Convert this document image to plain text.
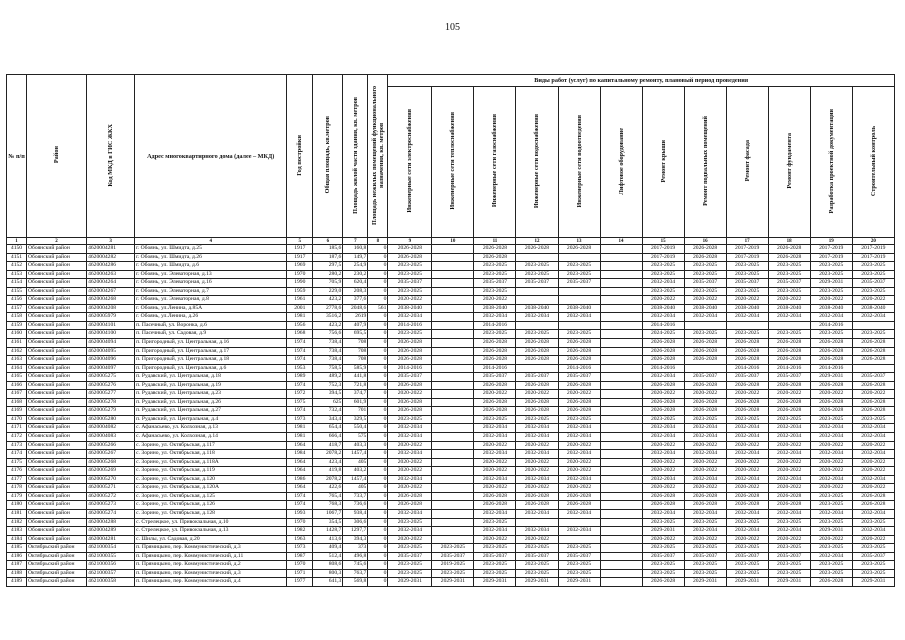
105
№ п/п	Район	Код МКД в ГИС ЖКХ	Адрес многоквартирного дома (далее – МКД)	Год постройки	Общая площадь, кв.метров	Площадь жилой части здания, кв. метров	Площадь нежилых помещений функционального назначения, кв. метров	Виды работ (услуг) по капитальному ремонту, плановый период проведения											
								Инженерные сети электроснабжения	Инженерные сети теплоснабжения	Инженерные сети газоснабжения	Инженерные сети водоснабжения	Инженерные сети водоотведения	Лифтовое оборудование	Ремонт крыши	Ремонт подвальных помещений	Ремонт фасада	Ремонт фундамента	Разработка проектной документации	Строительный контроль
1	2	3	4	5	6	7	8	9	10	11	12	13	14	15	16	17	18	19	20
4150	Обоянский район	4620004281	г. Обоянь, ул. Шмидта, д.25	1917	185,6	160,8	0	2026-2028		2026-2028	2026-2028	2026-2028		2017-2019	2026-2028	2017-2019	2026-2028	2017-2019	2017-2019
4151	Обоянский район	4620004282	г. Обоянь, ул. Шмидта, д.26	1917	187,6	149,7	0	2026-2028		2026-2028				2017-2019	2026-2028	2017-2019	2026-2028	2017-2019	2017-2019
4152	Обоянский район	4620004286	г. Обоянь, ул. Шмидта, д.6	1969	297,5	254,9	0	2023-2025		2023-2025	2023-2025	2023-2025		2023-2025	2023-2025	2023-2025	2023-2025	2023-2025	2023-2025
4153	Обоянский район	4620004263	г. Обоянь, ул. Элеваторная, д.13	1970	280,2	230,2	0	2023-2025		2023-2025	2023-2025	2023-2025		2023-2025	2023-2025	2023-2025	2023-2025	2023-2025	2023-2025
4154	Обоянский район	4620004264	г. Обоянь, ул. Элеваторная, д.16	1990	705,9	620,4	0	2035-2037		2035-2037	2035-2037	2035-2037		2032-2034	2035-2037	2035-2037	2035-2037	2029-2031	2035-2037
4155	Обоянский район	4620004267	г. Обоянь, ул. Элеваторная, д.7	1959	229,0	208,3	0	2023-2025		2023-2025				2023-2025	2023-2025	2023-2025	2023-2025	2023-2025	2023-2025
4156	Обоянский район	4620004268	г. Обоянь, ул. Элеваторная, д.8	1961	423,2	377,6	0	2020-2022		2020-2022				2020-2022	2020-2022	2020-2022	2020-2022	2020-2022	2020-2022
4157	Обоянский район	4620004208	г. Обоянь, ул.Ленина, д.85А	2001	2778,6	2048,6	561	2038-2040		2038-2040	2038-2040	2038-2040		2038-2040	2038-2040	2038-2040	2038-2040	2038-2040	2038-2040
4158	Обоянский район	4620005979	г. Обоянь, ул.Ленина, д.26	1981	3516,2	2619	0	2032-2034		2032-2034	2032-2034	2032-2034		2032-2034	2032-2034	2032-2034	2032-2034	2032-2034	2032-2034
4159	Обоянский район	4620004101	п. Пасечный, ул. Воронка, д.6	1956	423,2	407,9	0	2014-2016		2014-2016				2014-2016				2014-2016	
4160	Обоянский район	4620004100	п. Пасечный, ул. Садовая, д.9	1968	756,6	695,5	0	2023-2025		2023-2025	2023-2025	2023-2025		2024-2025	2023-2025	2023-2025	2023-2025	2023-2025	2023-2025
4161	Обоянский район	4620004094	п. Пригородный, ул. Центральная, д.16	1974	738,4	708	0	2026-2028		2026-2028	2026-2028	2026-2028		2026-2028	2026-2028	2026-2028	2026-2028	2026-2028	2026-2028
4162	Обоянский район	4620004095	п. Пригородный, ул. Центральная, д.17	1974	738,4	708	0	2026-2028		2026-2028	2026-2028	2026-2028		2026-2028	2026-2028	2026-2028	2026-2028	2026-2028	2026-2028
4163	Обоянский район	4620004096	п. Пригородный, ул. Центральная, д.18	1974	738,4	708	0	2026-2028		2026-2028	2026-2028	2026-2028		2026-2028	2026-2028	2026-2028	2026-2028	2026-2028	2026-2028
4164	Обоянский район	4620004097	п. Пригородный, ул. Центральная, д.6	1953	758,5	585,9	0	2014-2016		2014-2016		2014-2016		2014-2016		2014-2016	2014-2016	2014-2016	
4165	Обоянский район	4620005275	п. Рудавский, ул. Центральная, д.18	1989	489,2	441,8	0	2035-2037		2035-2037	2035-2037	2035-2037		2032-2034	2035-2037	2035-2037	2035-2037	2029-2031	2035-2037
4166	Обоянский район	4620005276	п. Рудавский, ул. Центральная, д.19	1974	752,3	721,8	0	2026-2028		2026-2028	2026-2028	2026-2028		2026-2028	2026-2028	2026-2028	2026-2028	2026-2028	2026-2028
4167	Обоянский район	4620005277	п. Рудавский, ул. Центральная, д.23	1972	394,5	374,7	0	2020-2022		2020-2022	2020-2022	2020-2022		2020-2022	2020-2022	2020-2022	2020-2022	2020-2022	2020-2022
4168	Обоянский район	4620005278	п. Рудавский, ул. Центральная, д.26	1975	625	601,9	0	2026-2028		2026-2028	2026-2028	2026-2028		2026-2028	2026-2028	2026-2028	2026-2028	2026-2028	2026-2028
4169	Обоянский район	4620005279	п. Рудавский, ул. Центральная, д.27	1974	732,4	701	0	2026-2028		2026-2028	2026-2028	2026-2028		2026-2028	2026-2028	2026-2028	2026-2028	2026-2028	2026-2028
4170	Обоянский район	4620005280	п. Рудавский, ул. Центральная, д.4	1973	343,4	329,5	0	2023-2025		2023-2025	2023-2025	2023-2025		2023-2025	2023-2025	2023-2025	2023-2025	2023-2025	2023-2025
4171	Обоянский район	4620004082	с. Афанасьево, ул. Колхозная, д.13	1981	654,4	550,4	0	2032-2034		2032-2034	2032-2034	2032-2034		2032-2034	2032-2034	2032-2034	2032-2034	2032-2034	2032-2034
4172	Обоянский район	4620004083	с. Афанасьево, ул. Колхозная, д.14	1981	666,4	575	0	2032-2034		2032-2034	2032-2034	2032-2034		2032-2034	2032-2034	2032-2034	2032-2034	2032-2034	2032-2034
4173	Обоянский район	4620005266	с. Зорино, ул. Октябрьская, д.117	1964	418,7	403,3	0	2020-2022		2020-2022	2020-2022	2020-2022		2020-2022	2020-2022	2020-2022	2020-2022	2020-2022	2020-2022
4174	Обоянский район	4620005267	с. Зорино, ул. Октябрьская, д.118	1984	2078,2	1457,4	0	2032-2034		2032-2034	2032-2034	2032-2034		2032-2034	2032-2034	2032-2034	2032-2034	2032-2034	2032-2034
4175	Обоянский район	4620005268	с. Зорино, ул. Октябрьская, д.118А	1964	423,4	405	0	2020-2022		2020-2022	2020-2022	2020-2022		2020-2022	2020-2022	2020-2022	2020-2022	2020-2022	2020-2022
4176	Обоянский район	4620005269	с. Зорино, ул. Октябрьская, д.119	1964	419,8	403,2	0	2020-2022		2020-2022	2020-2022	2020-2022		2020-2022	2020-2022	2020-2022	2020-2022	2020-2022	2020-2022
4177	Обоянский район	4620005270	с. Зорино, ул. Октябрьская, д.120	1986	2078,2	1457,4	0	2032-2034		2032-2034	2032-2034	2032-2034		2032-2034	2032-2034	2032-2034	2032-2034	2032-2034	2032-2034
4178	Обоянский район	4620005271	с. Зорино, ул. Октябрьская, д.120А	1964	422,6	405	0	2020-2022		2020-2022	2020-2022	2020-2022		2020-2022	2020-2022	2020-2022	2020-2022	2020-2022	2020-2022
4179	Обоянский район	4620005272	с. Зорино, ул. Октябрьская, д.125	1974	765,4	733,7	0	2026-2028		2026-2028	2026-2028	2026-2028		2026-2028	2026-2028	2026-2028	2026-2028	2023-2025	2026-2028
4180	Обоянский район	4620005273	с. Зорино, ул. Октябрьская, д.126	1974	768,3	736,6	0	2026-2028		2026-2028	2026-2028	2026-2028		2026-2028	2026-2028	2026-2028	2026-2028	2023-2025	2026-2028
4181	Обоянский район	4620005274	с. Зорино, ул. Октябрьская, д.128	1993	1067,7	938,4	0	2032-2034		2032-2034	2032-2034	2032-2034		2032-2034	2032-2034	2032-2034	2032-2034	2032-2034	2032-2034
4182	Обоянский район	4620004288	с. Стрелецкое, ул. Привокзальная, д.10	1970	354,5	306,6	0	2023-2025		2023-2025				2023-2025	2023-2025	2023-2025	2023-2025	2023-2025	2023-2025
4183	Обоянский район	4620004289	с. Стрелецкое, ул. Привокзальная, д.13	1982	1428,7	1297,7	0	2032-2034		2032-2034	2032-2034	2032-2034		2029-2031	2032-2034	2032-2034	2032-2034	2029-2031	2032-2034
4184	Обоянский район	4620004281	с. Шилы, ул. Садовая, д.20	1963	413,6	394,3	0	2020-2022		2020-2022	2020-2022			2020-2022	2020-2022	2020-2022	2020-2022	2020-2022	2020-2022
4185	Октябрьский район	4621000354	п. Прямицыно, пер. Коммунистический, д.3	1973	409,4	373	0	2023-2025	2023-2025	2023-2025	2023-2025	2023-2025		2023-2025	2023-2025	2023-2025	2023-2025	2023-2025	2023-2025
4186	Октябрьский район	4621000355	п. Прямицыно, пер. Коммунистический, д.11	1987	512,4	496,8	0	2035-2037	2035-2037	2035-2037	2035-2037	2035-2037		2035-2037	2035-2037	2035-2037	2035-2037	2032-2034	2035-2037
4187	Октябрьский район	4621000356	п. Прямицыно, пер. Коммунистический, д.2	1970	808,6	745,6	0	2023-2025	2019-2025	2023-2025	2023-2025	2023-2025		2023-2025	2023-2025	2023-2025	2023-2025	2023-2025	2023-2025
4188	Октябрьский район	4621000357	п. Прямицыно, пер. Коммунистический, д.3	1971	800,3	763,7	0	2023-2025	2023-2025	2023-2025	2023-2025	2023-2025		2023-2025	2023-2025	2023-2025	2023-2025	2023-2025	2023-2025
4189	Октябрьский район	4621000358	п. Прямицыно, пер. Коммунистический, д.4	1977	641,3	569,8	0	2029-2031	2029-2031	2029-2031	2029-2031	2029-2031		2026-2028	2029-2031	2029-2031	2029-2031	2026-2028	2029-2031
